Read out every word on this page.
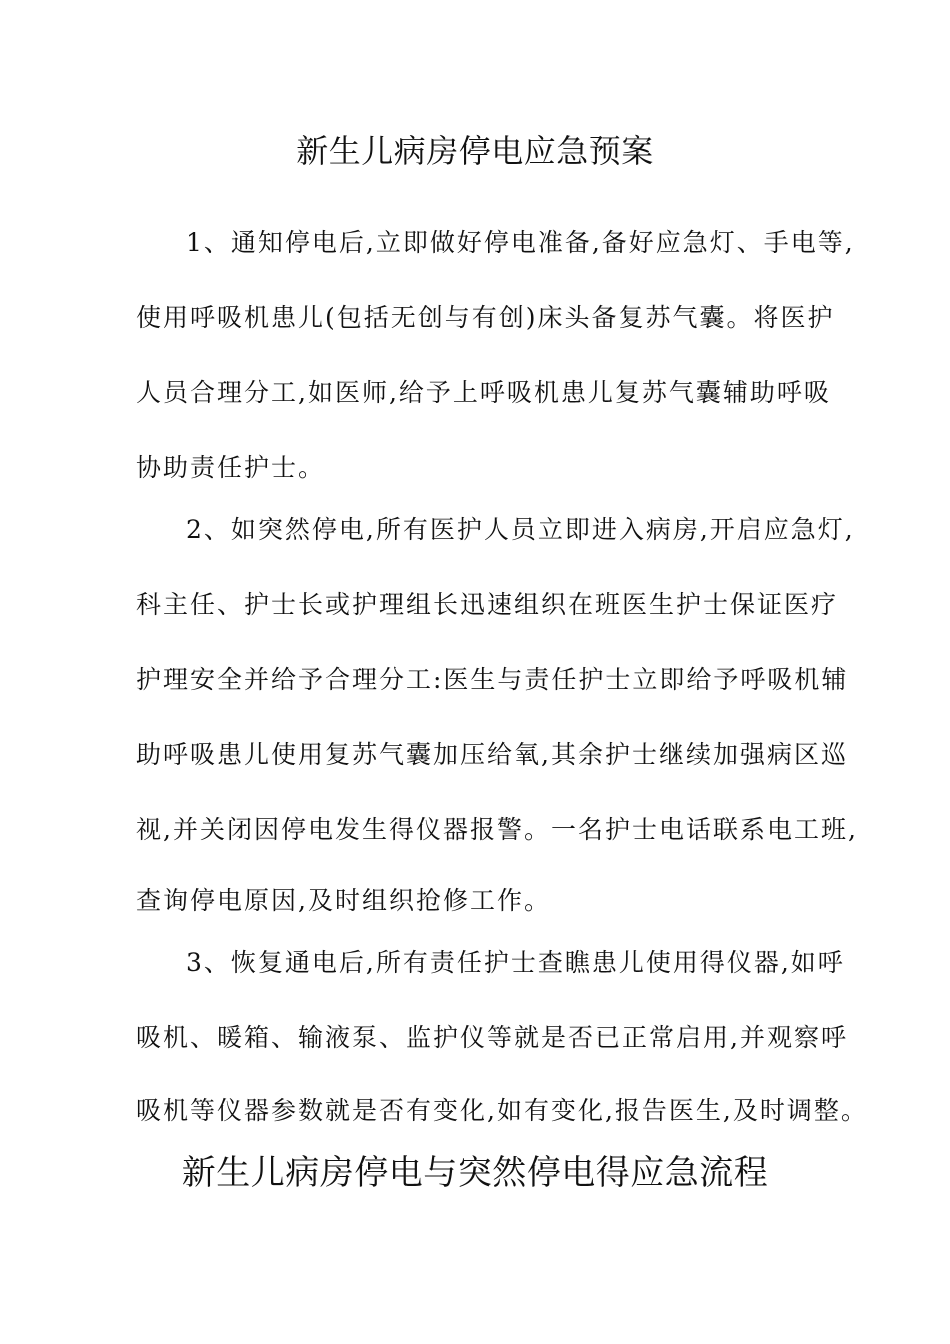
新生儿病房停电应急预案
1、通知停电后,立即做好停电准备,备好应急灯、手电等,
使用呼吸机患儿(包括无创与有创)床头备复苏气囊。将医护
人员合理分工,如医师,给予上呼吸机患儿复苏气囊辅助呼吸
协助责任护士。
2、如突然停电,所有医护人员立即进入病房,开启应急灯,
科主任、护士长或护理组长迅速组织在班医生护士保证医疗
护理安全并给予合理分工:医生与责任护士立即给予呼吸机辅
助呼吸患儿使用复苏气囊加压给氧,其余护士继续加强病区巡
视,并关闭因停电发生得仪器报警。一名护士电话联系电工班,
查询停电原因,及时组织抢修工作。
3、恢复通电后,所有责任护士查瞧患儿使用得仪器,如呼
吸机、暖箱、输液泵、监护仪等就是否已正常启用,并观察呼
吸机等仪器参数就是否有变化,如有变化,报告医生,及时调整。
新生儿病房停电与突然停电得应急流程
